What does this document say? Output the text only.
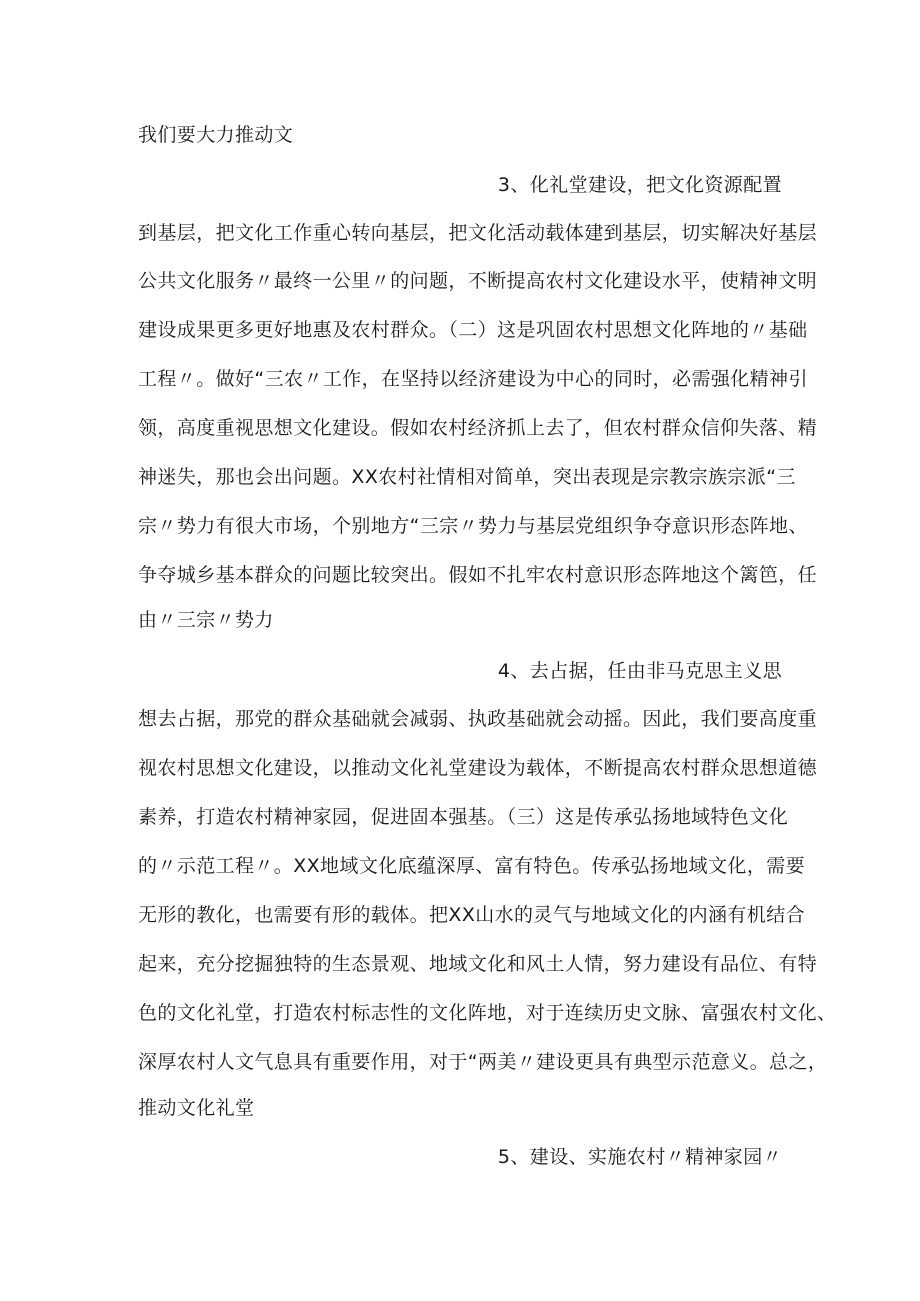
我们要大力推动文
3、化礼堂建设，把文化资源配置
到基层，把文化工作重心转向基层，把文化活动载体建到基层，切实解决好基层
公共文化服务〃最终一公里〃的问题，不断提高农村文化建设水平，使精神文明
建设成果更多更好地惠及农村群众。（二）这是巩固农村思想文化阵地的〃基础
工程〃。做好“三农〃工作，在坚持以经济建设为中心的同时，必需强化精神引
领，高度重视思想文化建设。假如农村经济抓上去了，但农村群众信仰失落、精
神迷失，那也会出问题。XX农村社情相对简单，突出表现是宗教宗族宗派“三
宗〃势力有很大市场，个别地方“三宗〃势力与基层党组织争夺意识形态阵地、
争夺城乡基本群众的问题比较突出。假如不扎牢农村意识形态阵地这个篱笆，任
由〃三宗〃势力
4、去占据，任由非马克思主义思
想去占据，那党的群众基础就会减弱、执政基础就会动摇。因此，我们要高度重
视农村思想文化建设，以推动文化礼堂建设为载体，不断提高农村群众思想道德
素养，打造农村精神家园，促进固本强基。（三）这是传承弘扬地域特色文化
的〃示范工程〃。XX地域文化底蕴深厚、富有特色。传承弘扬地域文化，需要
无形的教化，也需要有形的载体。把XX山水的灵气与地域文化的内涵有机结合
起来，充分挖掘独特的生态景观、地域文化和风土人情，努力建设有品位、有特
色的文化礼堂，打造农村标志性的文化阵地，对于连续历史文脉、富强农村文化、
深厚农村人文气息具有重要作用，对于“两美〃建设更具有典型示范意义。总之，
推动文化礼堂
5、建设、实施农村〃精神家园〃
